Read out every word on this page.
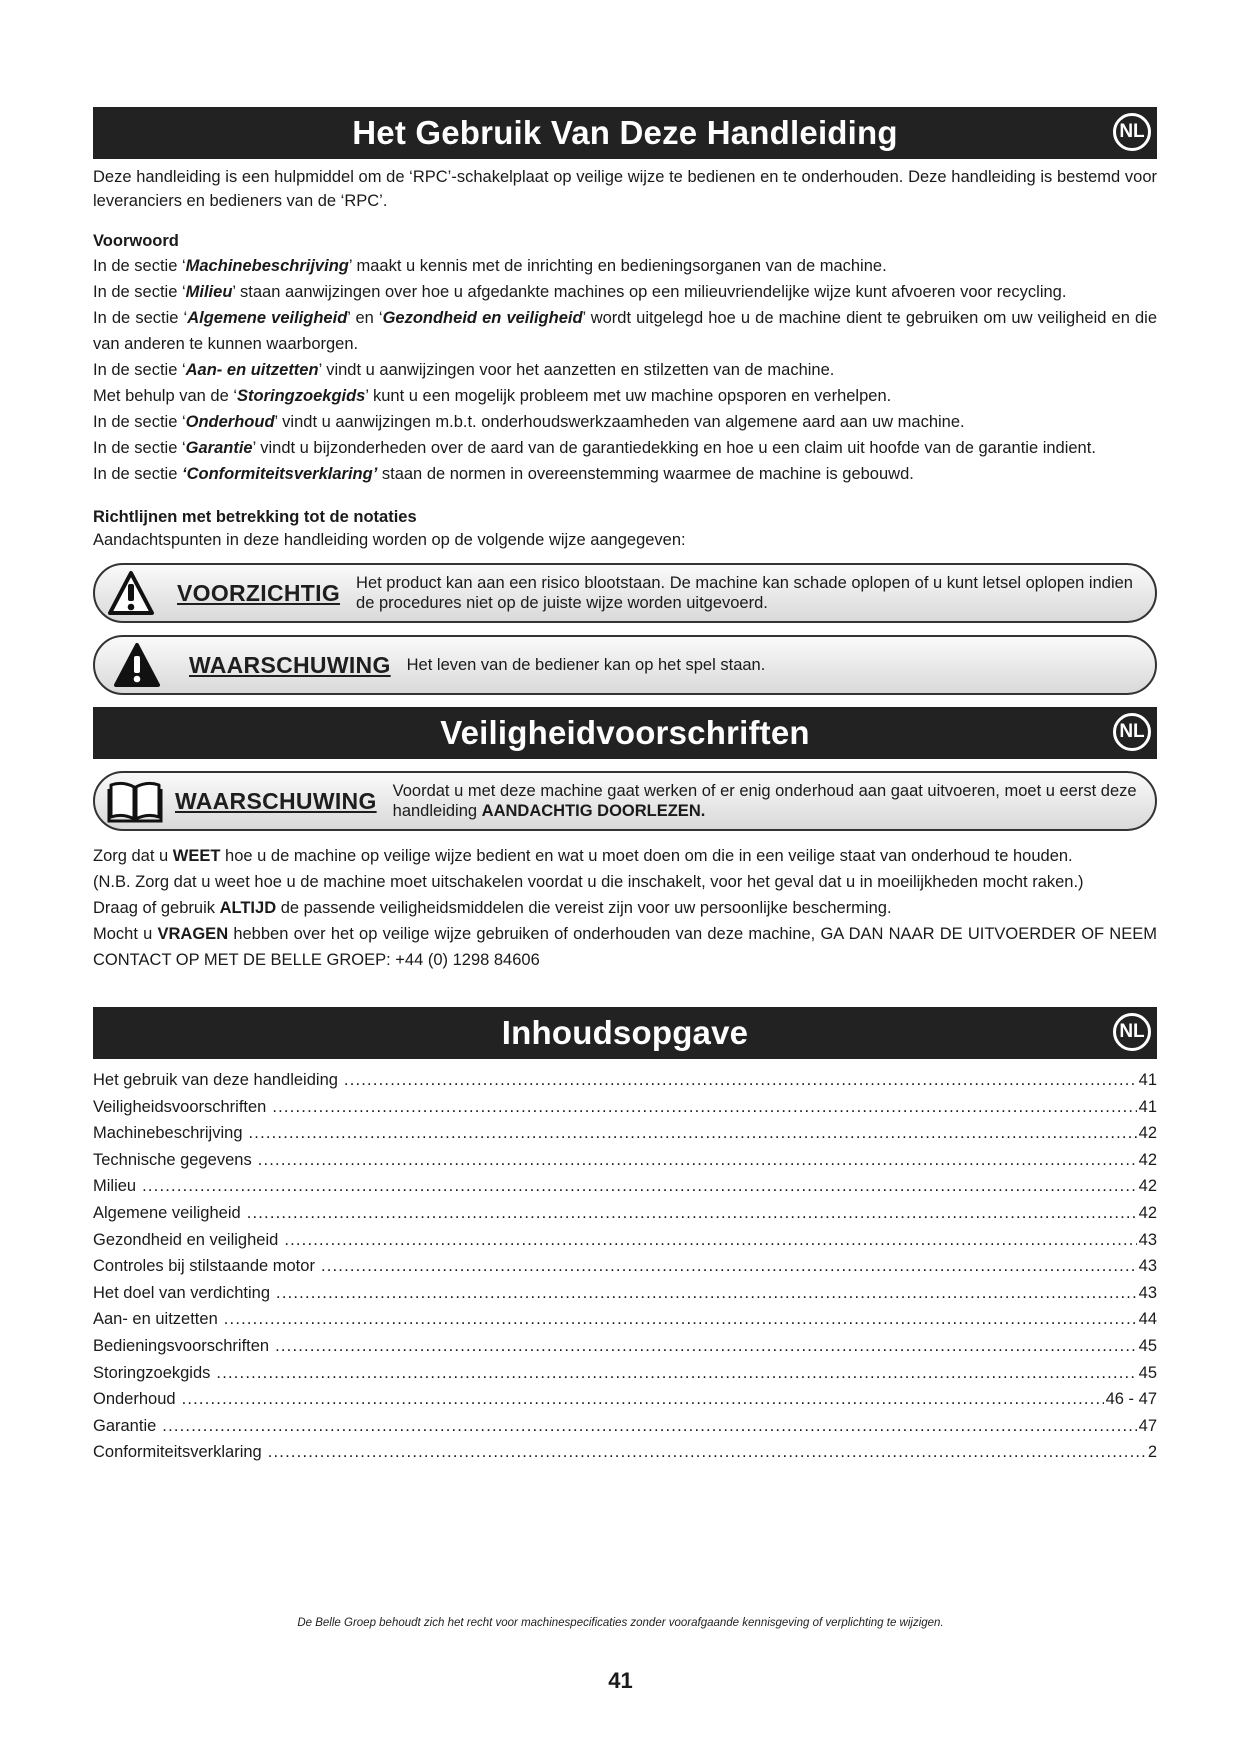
Het Gebruik Van Deze Handleiding	NL

Deze handleiding is een hulpmiddel om de ‘RPC’-schakelplaat op veilige wijze te bedienen en te onderhouden. Deze handleiding is bestemd voor leveranciers en bedieners van de ‘RPC’.

Voorwoord

In de sectie ‘Machinebeschrijving’ maakt u kennis met de inrichting en bedieningsorganen van de machine.

In de sectie ‘Milieu’ staan aanwijzingen over hoe u afgedankte machines op een milieuvriendelijke wijze kunt afvoeren voor recycling.

In de sectie ‘Algemene veiligheid’ en ‘Gezondheid en veiligheid’ wordt uitgelegd hoe u de machine dient te gebruiken om uw veiligheid en die van anderen te kunnen waarborgen.

In de sectie ‘Aan- en uitzetten’ vindt u aanwijzingen voor het aanzetten en stilzetten van de machine.

Met behulp van de ‘Storingzoekgids’ kunt u een mogelijk probleem met uw machine opsporen en verhelpen.

In de sectie ‘Onderhoud’ vindt u aanwijzingen m.b.t. onderhoudswerkzaamheden van algemene aard aan uw machine.

In de sectie ‘Garantie’ vindt u bijzonderheden over de aard van de garantiedekking en hoe u een claim uit hoofde van de garantie indient.

In de sectie ‘Conformiteitsverklaring’ staan de normen in overeenstemming waarmee de machine is gebouwd.

Richtlijnen met betrekking tot de notaties

Aandachtspunten in deze handleiding worden op de volgende wijze aangegeven:

VOORZICHTIG Het product kan aan een risico blootstaan. De machine kan schade oplopen of u kunt letsel oplopen indien de procedures niet op de juiste wijze worden uitgevoerd.
WAARSCHUWING Het leven van de bediener kan op het spel staan.
Veiligheidvoorschriften	NL
WAARSCHUWING Voordat u met deze machine gaat werken of er enig onderhoud aan gaat uitvoeren, moet u eerst deze handleiding AANDACHTIG DOORLEZEN.

Zorg dat u WEET hoe u de machine op veilige wijze bedient en wat u moet doen om die in een veilige staat van onderhoud te houden.

(N.B. Zorg dat u weet hoe u de machine moet uitschakelen voordat u die inschakelt, voor het geval dat u in moeilijkheden mocht raken.)

Draag of gebruik ALTIJD de passende veiligheidsmiddelen die vereist zijn voor uw persoonlijke bescherming.

Mocht u VRAGEN hebben over het op veilige wijze gebruiken of onderhouden van deze machine, GA DAN NAAR DE UITVOERDER OF NEEM CONTACT OP MET DE BELLE GROEP: +44 (0) 1298 84606

Inhoudsopgave	NL
Het gebruik van deze handleiding .....	41
Veiligheidsvoorschriften .....	41
Machinebeschrijving .....	42
Technische gegevens .....	42
Milieu .....	42
Algemene veiligheid .....	42
Gezondheid en veiligheid .....	43
Controles bij stilstaande motor .....	43
Het doel van verdichting .....	43
Aan- en uitzetten .....	44
Bedieningsvoorschriften .....	45
Storingzoekgids .....	45
Onderhoud .....	46 - 47
Garantie .....	47
Conformiteitsverklaring .....	2
De Belle Groep behoudt zich het recht voor machinespecificaties zonder voorafgaande kennisgeving of verplichting te wijzigen.
41
